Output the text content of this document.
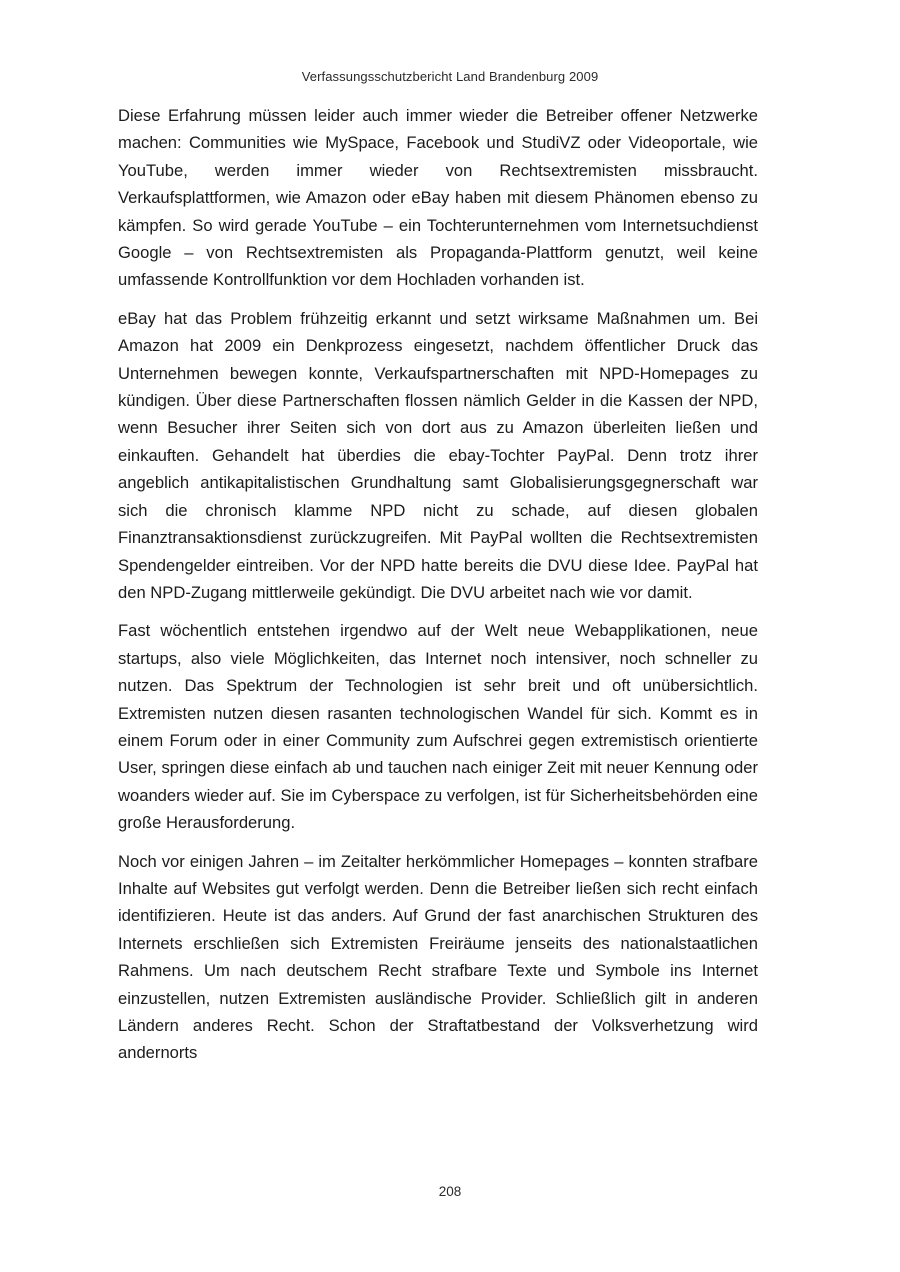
Verfassungsschutzbericht Land Brandenburg 2009

Diese Erfahrung müssen leider auch immer wieder die Betreiber offener Netzwerke machen: Communities wie MySpace, Facebook und StudiVZ oder Videoportale, wie YouTube, werden immer wieder von Rechtsextremisten missbraucht. Verkaufsplattformen, wie Amazon oder eBay haben mit diesem Phänomen ebenso zu kämpfen. So wird gerade YouTube – ein Tochterunternehmen vom Internetsuchdienst Google – von Rechtsextremisten als Propaganda-Plattform genutzt, weil keine umfassende Kontrollfunktion vor dem Hochladen vorhanden ist.

eBay hat das Problem frühzeitig erkannt und setzt wirksame Maßnahmen um. Bei Amazon hat 2009 ein Denkprozess eingesetzt, nachdem öffentlicher Druck das Unternehmen bewegen konnte, Verkaufspartnerschaften mit NPD-Homepages zu kündigen. Über diese Partnerschaften flossen nämlich Gelder in die Kassen der NPD, wenn Besucher ihrer Seiten sich von dort aus zu Amazon überleiten ließen und einkauften. Gehandelt hat überdies die ebay-Tochter PayPal. Denn trotz ihrer angeblich antikapitalistischen Grundhaltung samt Globalisierungsgegnerschaft war sich die chronisch klamme NPD nicht zu schade, auf diesen globalen Finanztransaktionsdienst zurückzugreifen. Mit PayPal wollten die Rechtsextremisten Spendengelder eintreiben. Vor der NPD hatte bereits die DVU diese Idee. PayPal hat den NPD-Zugang mittlerweile gekündigt. Die DVU arbeitet nach wie vor damit.

Fast wöchentlich entstehen irgendwo auf der Welt neue Webapplikationen, neue startups, also viele Möglichkeiten, das Internet noch intensiver, noch schneller zu nutzen. Das Spektrum der Technologien ist sehr breit und oft unübersichtlich. Extremisten nutzen diesen rasanten technologischen Wandel für sich. Kommt es in einem Forum oder in einer Community zum Aufschrei gegen extremistisch orientierte User, springen diese einfach ab und tauchen nach einiger Zeit mit neuer Kennung oder woanders wieder auf. Sie im Cyberspace zu verfolgen, ist für Sicherheitsbehörden eine große Herausforderung.

Noch vor einigen Jahren – im Zeitalter herkömmlicher Homepages – konnten strafbare Inhalte auf Websites gut verfolgt werden. Denn die Betreiber ließen sich recht einfach identifizieren. Heute ist das anders. Auf Grund der fast anarchischen Strukturen des Internets erschließen sich Extremisten Freiräume jenseits des nationalstaatlichen Rahmens. Um nach deutschem Recht strafbare Texte und Symbole ins Internet einzustellen, nutzen Extremisten ausländische Provider. Schließlich gilt in anderen Ländern anderes Recht. Schon der Straftatbestand der Volksverhetzung wird andernorts

208
